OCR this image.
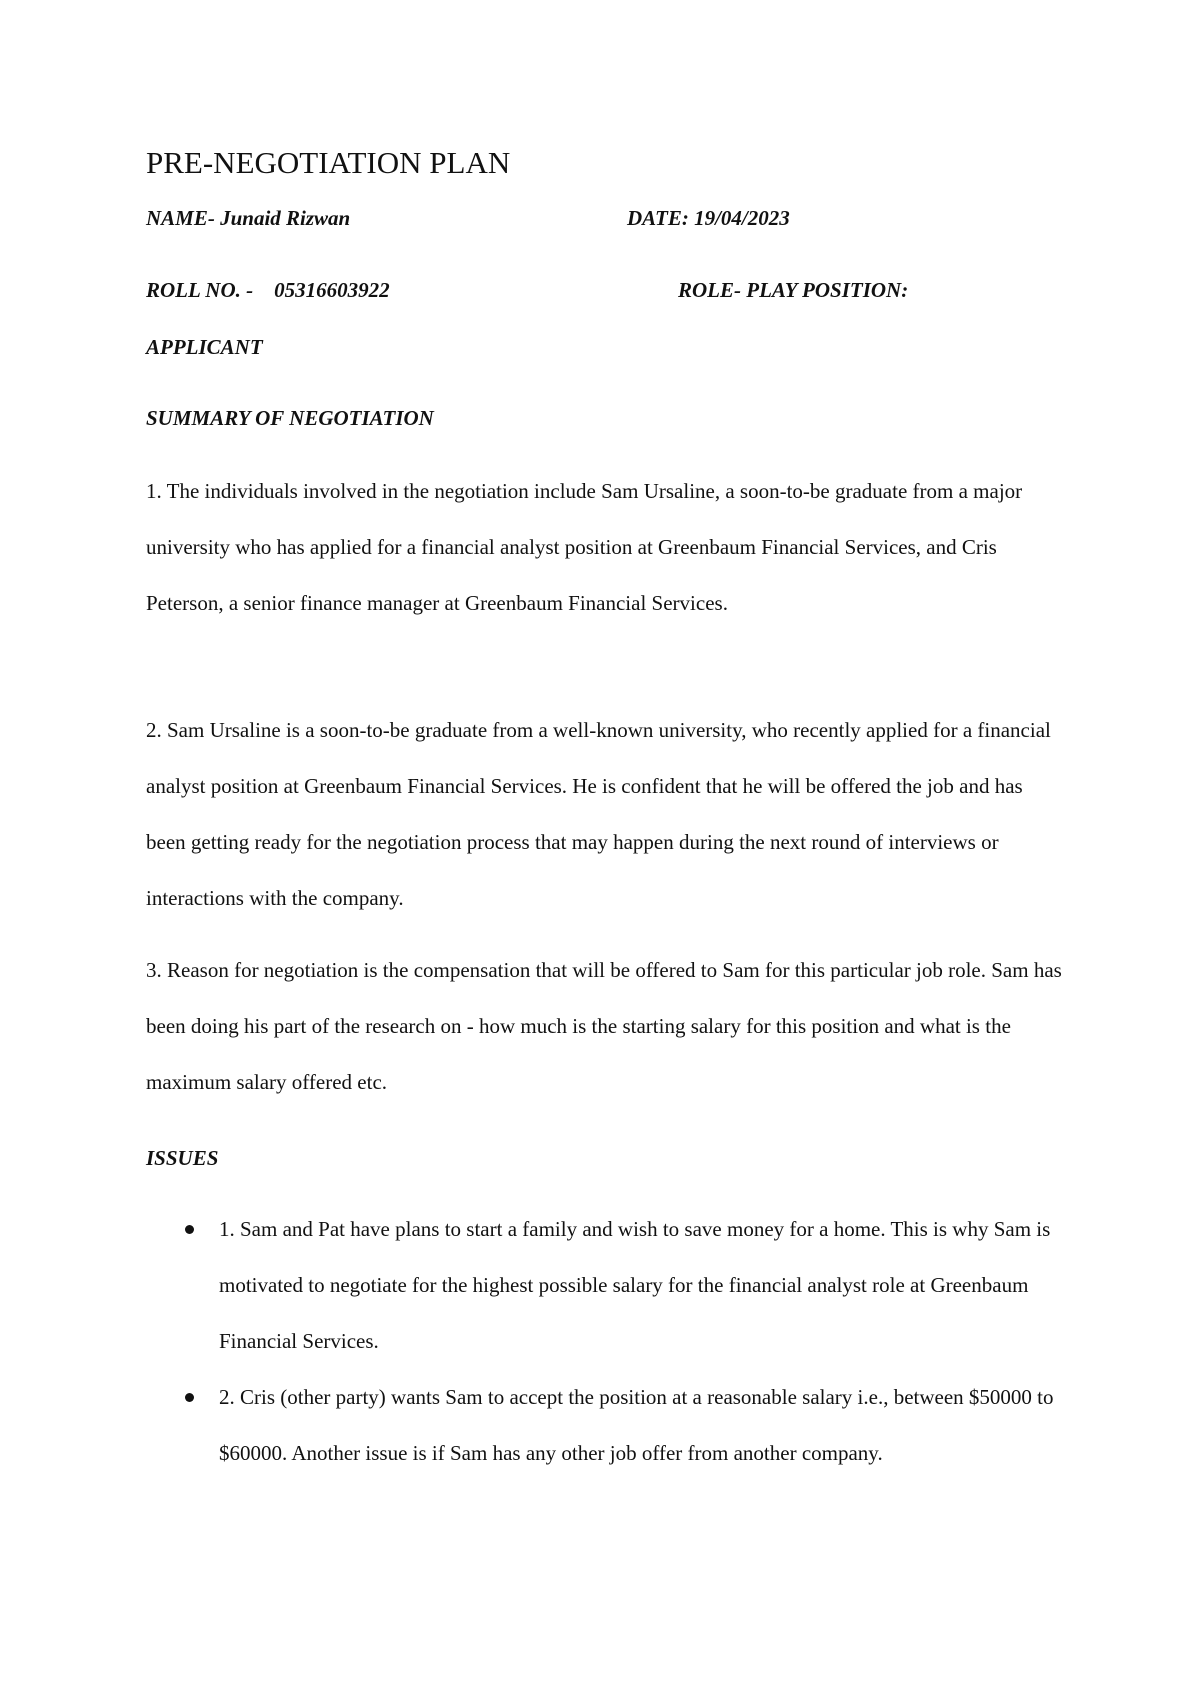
PRE-NEGOTIATION PLAN

NAME- Junaid Rizwan	DATE: 19/04/2023

ROLL NO. -    05316603922	ROLE- PLAY POSITION:

APPLICANT

SUMMARY OF NEGOTIATION

1. The individuals involved in the negotiation include Sam Ursaline, a soon-to-be graduate from a major university who has applied for a financial analyst position at Greenbaum Financial Services, and Cris Peterson, a senior finance manager at Greenbaum Financial Services.

2. Sam Ursaline is a soon-to-be graduate from a well-known university, who recently applied for a financial analyst position at Greenbaum Financial Services. He is confident that he will be offered the job and has been getting ready for the negotiation process that may happen during the next round of interviews or interactions with the company.

3. Reason for negotiation is the compensation that will be offered to Sam for this particular job role. Sam has been doing his part of the research on - how much is the starting salary for this position and what is the maximum salary offered etc.

ISSUES

1. Sam and Pat have plans to start a family and wish to save money for a home. This is why Sam is motivated to negotiate for the highest possible salary for the financial analyst role at Greenbaum Financial Services.
2. Cris (other party) wants Sam to accept the position at a reasonable salary i.e., between $50000 to $60000. Another issue is if Sam has any other job offer from another company.
